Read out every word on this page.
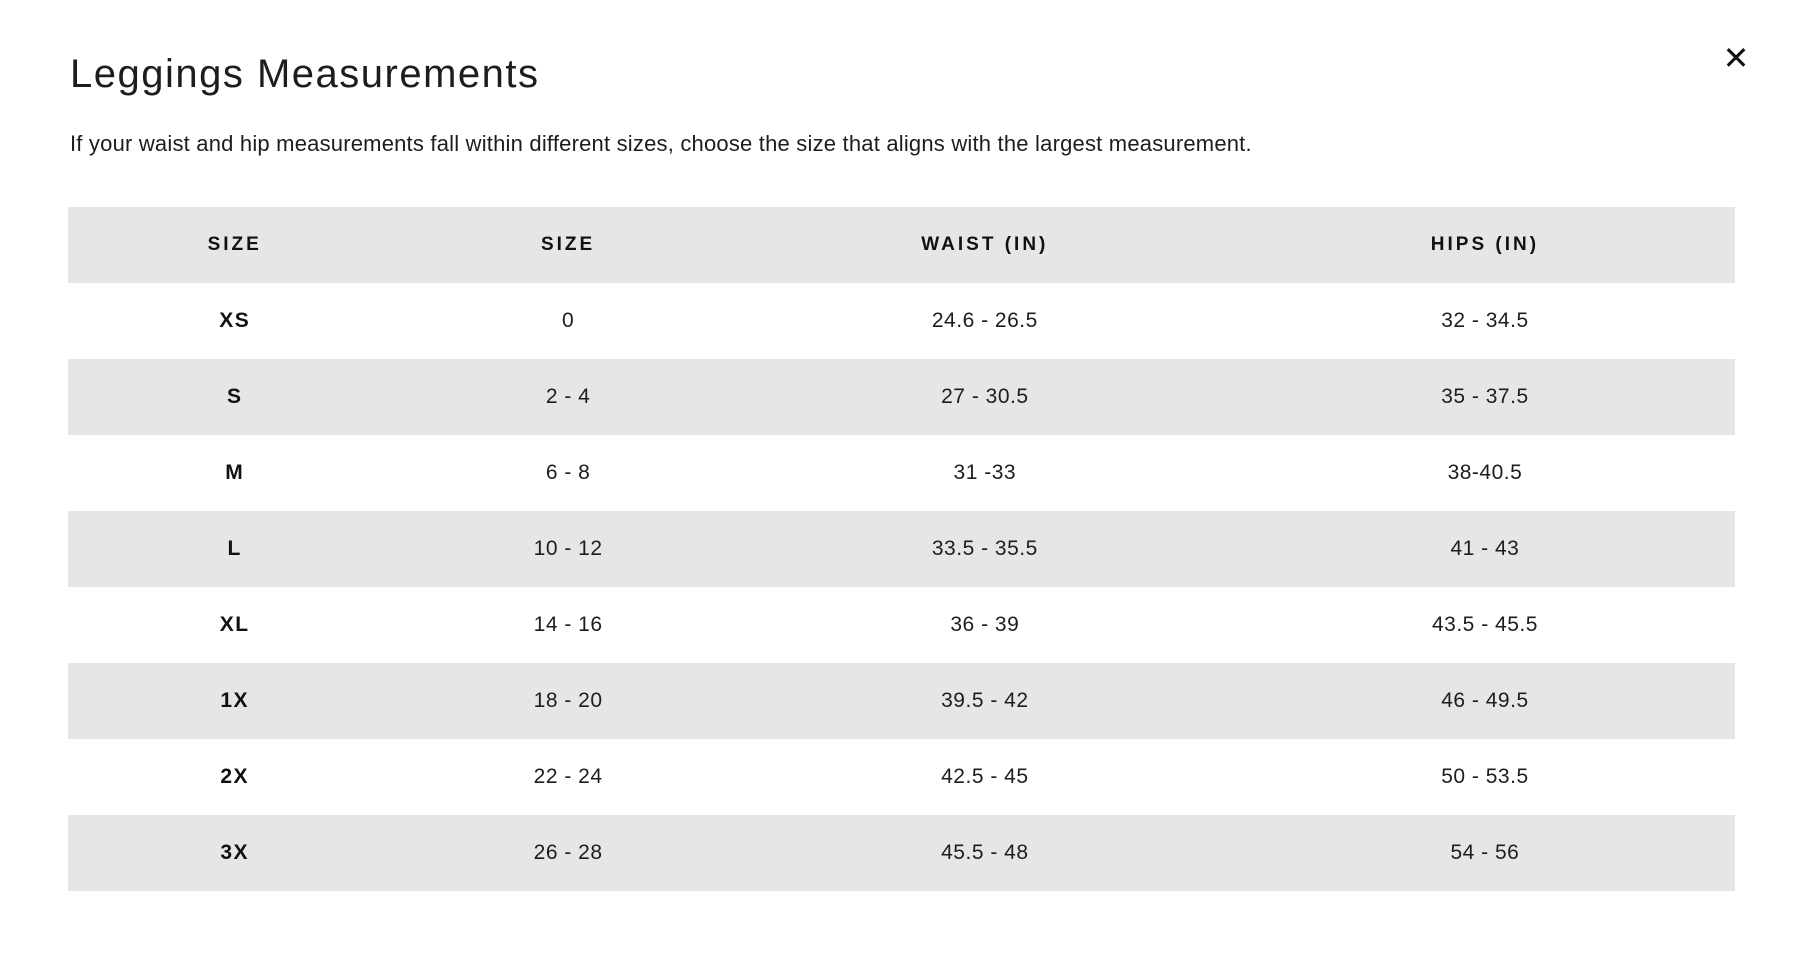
✕
Leggings Measurements

If your waist and hip measurements fall within different sizes, choose the size that aligns with the largest measurement.

SIZE	SIZE	WAIST (IN)	HIPS (IN)
XS	0	24.6 - 26.5	32 - 34.5
S	2 - 4	27 - 30.5	35 - 37.5
M	6 - 8	31 -33	38-40.5
L	10 - 12	33.5 - 35.5	41 - 43
XL	14 - 16	36 - 39	43.5 - 45.5
1X	18 - 20	39.5 - 42	46 - 49.5
2X	22 - 24	42.5 - 45	50 - 53.5
3X	26 - 28	45.5 - 48	54 - 56
